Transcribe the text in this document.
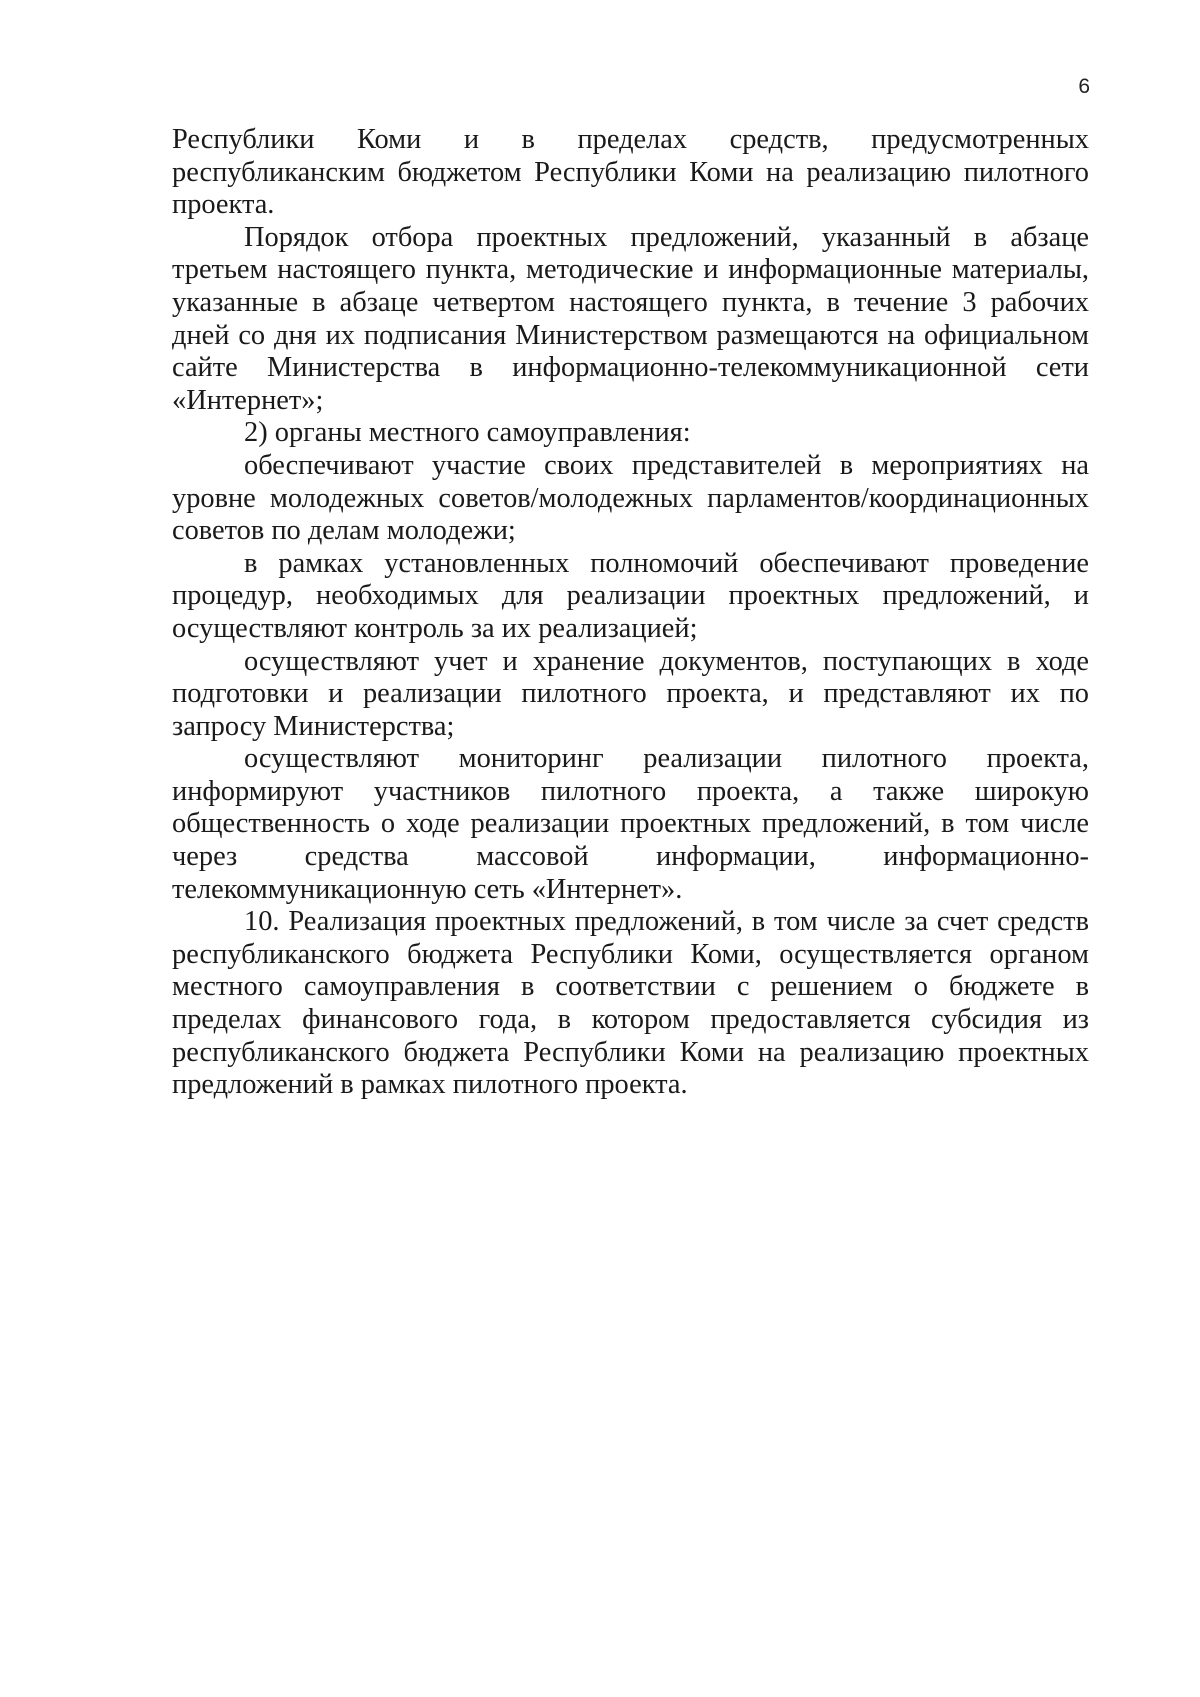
6

Республики Коми и в пределах средств, предусмотренных республиканским бюджетом Республики Коми на реализацию пилотного проекта.

Порядок отбора проектных предложений, указанный в абзаце третьем настоящего пункта, методические и информационные материалы, указанные в абзаце четвертом настоящего пункта, в течение 3 рабочих дней со дня их подписания Министерством размещаются на официальном сайте Министерства в информационно-телекоммуникационной сети «Интернет»;

2) органы местного самоуправления:

обеспечивают участие своих представителей в мероприятиях на уровне молодежных советов/молодежных парламентов/координационных советов по делам молодежи;

в рамках установленных полномочий обеспечивают проведение процедур, необходимых для реализации проектных предложений, и осуществляют контроль за их реализацией;

осуществляют учет и хранение документов, поступающих в ходе подготовки и реализации пилотного проекта, и представляют их по запросу Министерства;

осуществляют мониторинг реализации пилотного проекта, информируют участников пилотного проекта, а также широкую общественность о ходе реализации проектных предложений, в том числе через средства массовой информации, информационно-телекоммуникационную сеть «Интернет».

10. Реализация проектных предложений, в том числе за счет средств республиканского бюджета Республики Коми, осуществляется органом местного самоуправления в соответствии с решением о бюджете в пределах финансового года, в котором предоставляется субсидия из республиканского бюджета Республики Коми на реализацию проектных предложений в рамках пилотного проекта.
